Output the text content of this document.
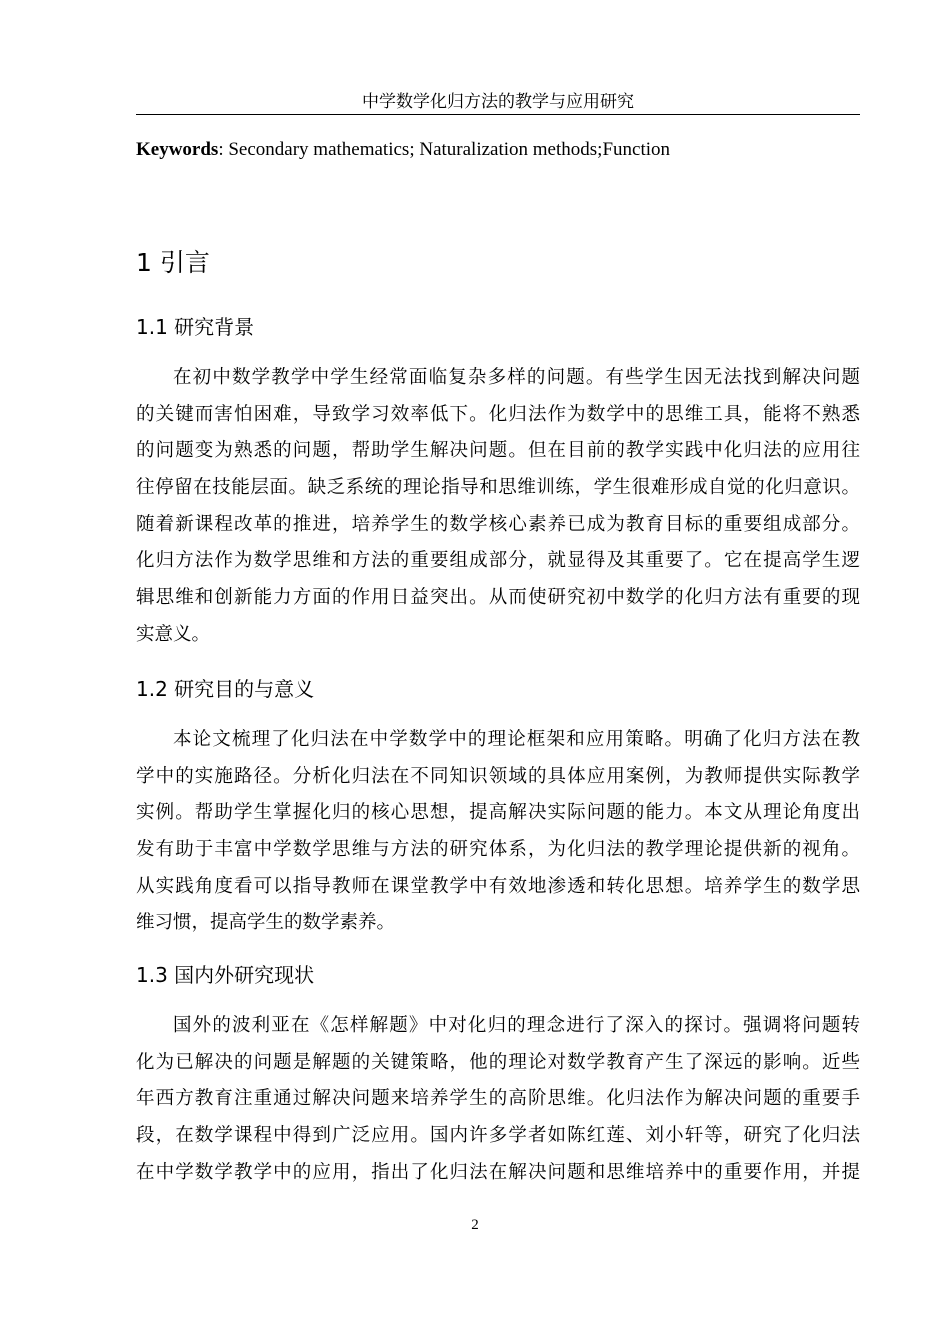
中学数学化归方法的教学与应用研究
Keywords: Secondary mathematics; Naturalization methods;Function
1 引言
1.1 研究背景
在初中数学教学中学生经常面临复杂多样的问题。有些学生因无法找到解决问题
的关键而害怕困难，导致学习效率低下。化归法作为数学中的思维工具，能将不熟悉
的问题变为熟悉的问题，帮助学生解决问题。但在目前的教学实践中化归法的应用往
往停留在技能层面。缺乏系统的理论指导和思维训练，学生很难形成自觉的化归意识。
随着新课程改革的推进，培养学生的数学核心素养已成为教育目标的重要组成部分。
化归方法作为数学思维和方法的重要组成部分，就显得及其重要了。它在提高学生逻
辑思维和创新能力方面的作用日益突出。从而使研究初中数学的化归方法有重要的现
实意义。
1.2 研究目的与意义
本论文梳理了化归法在中学数学中的理论框架和应用策略。明确了化归方法在教
学中的实施路径。分析化归法在不同知识领域的具体应用案例，为教师提供实际教学
实例。帮助学生掌握化归的核心思想，提高解决实际问题的能力。本文从理论角度出
发有助于丰富中学数学思维与方法的研究体系，为化归法的教学理论提供新的视角。
从实践角度看可以指导教师在课堂教学中有效地渗透和转化思想。培养学生的数学思
维习惯，提高学生的数学素养。
1.3 国内外研究现状
国外的波利亚在《怎样解题》中对化归的理念进行了深入的探讨。强调将问题转
化为已解决的问题是解题的关键策略，他的理论对数学教育产生了深远的影响。近些
年西方教育注重通过解决问题来培养学生的高阶思维。化归法作为解决问题的重要手
段，在数学课程中得到广泛应用。国内许多学者如陈红莲、刘小轩等，研究了化归法
在中学数学教学中的应用，指出了化归法在解决问题和思维培养中的重要作用，并提
2
